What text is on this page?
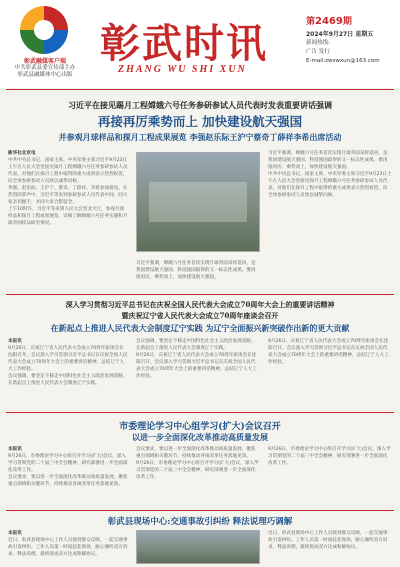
彰武融媒客户端
中共彰武县委宣传部主办
彰武县融媒体中心出版
彰武时讯
ZHANG WU SHI XUN
第2469期
2024年9月27日 星期五
新闻热线:
广告 发行
E-mail:zwswxun@163.com
习近平在接见踢月工程嫦娥六号任务参研参试人员代表时发表重要讲话强调
再接再厉乘势而上 加快建设航天强国
并参观月球样品和探月工程成果展览 李强赵乐际王沪宁蔡奇丁薛祥李希出席活动
新华社北京电
中共中央总书记、国家主席、中央军委主席习近平9月23日上午在人民大会堂接见探月工程嫦娥六号任务参研参试人员代表，对他们在探月工程中取得的重大成果表示热烈祝贺，向全体参研参试人员致以诚挚问候。
李强、赵乐际、王沪宁、蔡奇、丁薛祥、李希参加接见。在热烈的掌声中，习近平等来到参研参试人员代表中间，同大家亲切握手，并同大家合影留念。
上午10时许，习近平等来到人民大会堂北大厅，参观月球样品和探月工程成果展览，详细了解嫦娥六号任务实施和月球背面样品研究情况。
习近平强调，嫦娥六号任务首次实现月球背面采样返回，是我国建设航天强国、科技强国取得的又一标志性成果。要再接再厉、乘势而上，加快建设航天强国。
习近平强调，嫦娥六号任务首次实现月球背面采样返回，是我国建设航天强国、科技强国取得的又一标志性成果。要再接再厉、乘势而上，加快建设航天强国。
中共中央总书记、国家主席、中央军委主席习近平9月23日上午在人民大会堂接见探月工程嫦娥六号任务参研参试人员代表，对他们在探月工程中取得的重大成果表示热烈祝贺，向全体参研参试人员致以诚挚问候。
深入学习贯彻习近平总书记在庆祝全国人民代表大会成立70周年大会上的重要讲话精神
暨庆祝辽宁省人民代表大会成立70周年座谈会召开
在新起点上推进人民代表大会制度辽宁实践 为辽宁全面振兴新突破作出新的更大贡献
本报讯
9月26日，庆祝辽宁省人民代表大会成立70周年座谈会在沈阳召开。会议深入学习贯彻习近平总书记在庆祝全国人民代表大会成立70周年大会上的重要讲话精神，总结辽宁人大工作经验。
会议强调，要坚定不移走中国特色社会主义政治发展道路，在新起点上推进人民代表大会制度辽宁实践。
会议强调，要坚定不移走中国特色社会主义政治发展道路，在新起点上推进人民代表大会制度辽宁实践。
9月26日，庆祝辽宁省人民代表大会成立70周年座谈会在沈阳召开。会议深入学习贯彻习近平总书记在庆祝全国人民代表大会成立70周年大会上的重要讲话精神，总结辽宁人大工作经验。
9月26日，庆祝辽宁省人民代表大会成立70周年座谈会在沈阳召开。会议深入学习贯彻习近平总书记在庆祝全国人民代表大会成立70周年大会上的重要讲话精神，总结辽宁人大工作经验。
市委理论学习中心组学习(扩大)会议召开
以进一步全面深化改革推动高质量发展
本报讯
9月26日，市委理论学习中心组召开学习(扩大)会议，深入学习贯彻党的二十届三中全会精神，研究部署进一步全面深化改革工作。
会议要求，要以进一步全面深化改革推动高质量发展，聚焦重点领域和关键环节，持续推动各项改革任务落地见效。
会议要求，要以进一步全面深化改革推动高质量发展，聚焦重点领域和关键环节，持续推动各项改革任务落地见效。
9月26日，市委理论学习中心组召开学习(扩大)会议，深入学习贯彻党的二十届三中全会精神，研究部署进一步全面深化改革工作。
9月26日，市委理论学习中心组召开学习(扩大)会议，深入学习贯彻党的二十届三中全会精神，研究部署进一步全面深化改革工作。
彰武县现场中心:交通事故引纠纷 释法说理巧调解
本报讯
近日，彰武县现场中心工作人员接到群众反映，一起交通事故引发纠纷。工作人员第一时间赶赴现场，耐心倾听双方诉求，释法说理，最终促成双方达成和解协议。
近日，彰武县现场中心工作人员接到群众反映，一起交通事故引发纠纷。工作人员第一时间赶赴现场，耐心倾听双方诉求，释法说理，最终促成双方达成和解协议。
